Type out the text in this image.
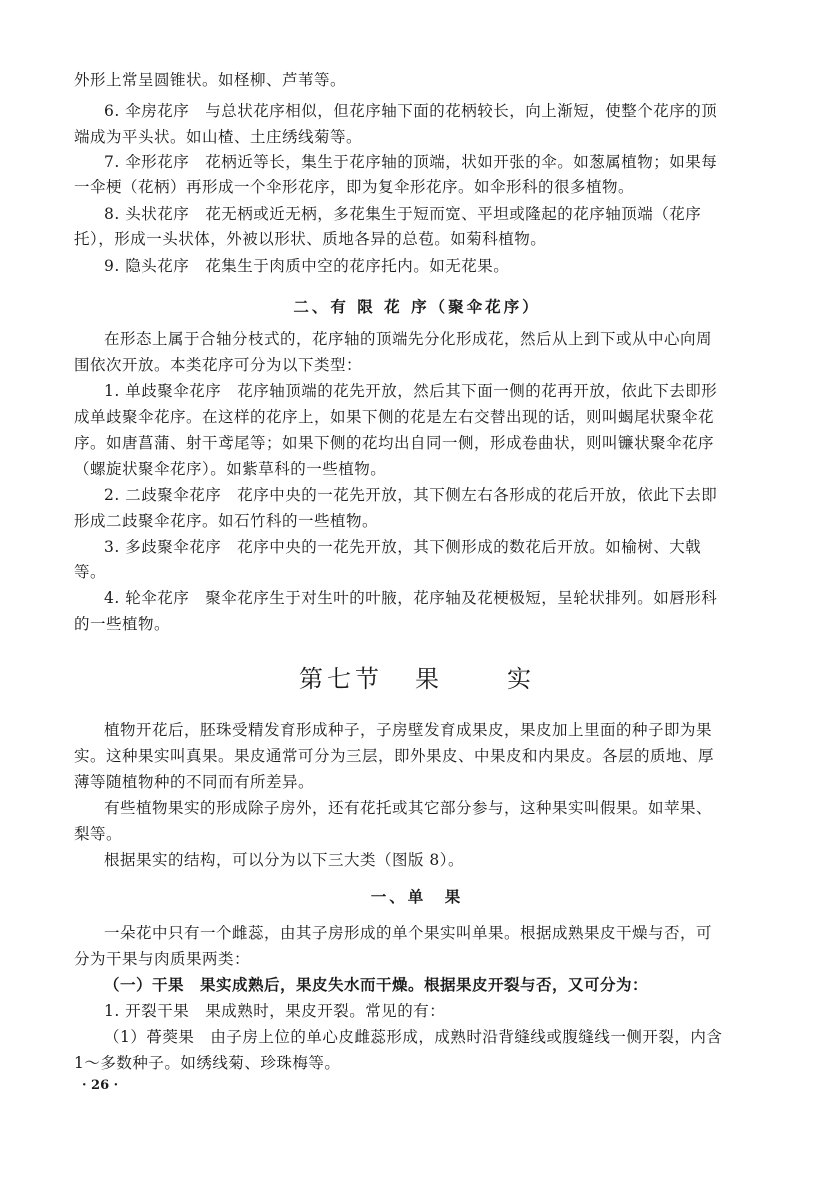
外形上常呈圆锥状。如柽柳、芦苇等。
6. 伞房花序　与总状花序相似，但花序轴下面的花柄较长，向上渐短，使整个花序的顶
端成为平头状。如山楂、土庄绣线菊等。
7. 伞形花序　花柄近等长，集生于花序轴的顶端，状如开张的伞。如葱属植物；如果每
一伞梗（花柄）再形成一个伞形花序，即为复伞形花序。如伞形科的很多植物。
8. 头状花序　花无柄或近无柄，多花集生于短而宽、平坦或隆起的花序轴顶端（花序
托），形成一头状体，外被以形状、质地各异的总苞。如菊科植物。
9. 隐头花序　花集生于肉质中空的花序托内。如无花果。
二、有 限 花 序（聚伞花序）
在形态上属于合轴分枝式的，花序轴的顶端先分化形成花，然后从上到下或从中心向周
围依次开放。本类花序可分为以下类型：
1. 单歧聚伞花序　花序轴顶端的花先开放，然后其下面一侧的花再开放，依此下去即形
成单歧聚伞花序。在这样的花序上，如果下侧的花是左右交替出现的话，则叫蝎尾状聚伞花
序。如唐菖蒲、射干鸢尾等；如果下侧的花均出自同一侧，形成卷曲状，则叫镰状聚伞花序
（螺旋状聚伞花序）。如紫草科的一些植物。
2. 二歧聚伞花序　花序中央的一花先开放，其下侧左右各形成的花后开放，依此下去即
形成二歧聚伞花序。如石竹科的一些植物。
3. 多歧聚伞花序　花序中央的一花先开放，其下侧形成的数花后开放。如榆树、大戟
等。
4. 轮伞花序　聚伞花序生于对生叶的叶腋，花序轴及花梗极短，呈轮状排列。如唇形科
的一些植物。
第七节 果	实
植物开花后，胚珠受精发育形成种子，子房壁发育成果皮，果皮加上里面的种子即为果
实。这种果实叫真果。果皮通常可分为三层，即外果皮、中果皮和内果皮。各层的质地、厚
薄等随植物种的不同而有所差异。
有些植物果实的形成除子房外，还有花托或其它部分参与，这种果实叫假果。如苹果、
梨等。
根据果实的结构，可以分为以下三大类（图版 8）。
一、单　果
一朵花中只有一个雌蕊，由其子房形成的单个果实叫单果。根据成熟果皮干燥与否，可
分为干果与肉质果两类：
（一）干果　果实成熟后，果皮失水而干燥。根据果皮开裂与否，又可分为：
1. 开裂干果　果成熟时，果皮开裂。常见的有：
（1）蓇葖果　由子房上位的单心皮雌蕊形成，成熟时沿背缝线或腹缝线一侧开裂，内含
1～多数种子。如绣线菊、珍珠梅等。
· 26 ·
